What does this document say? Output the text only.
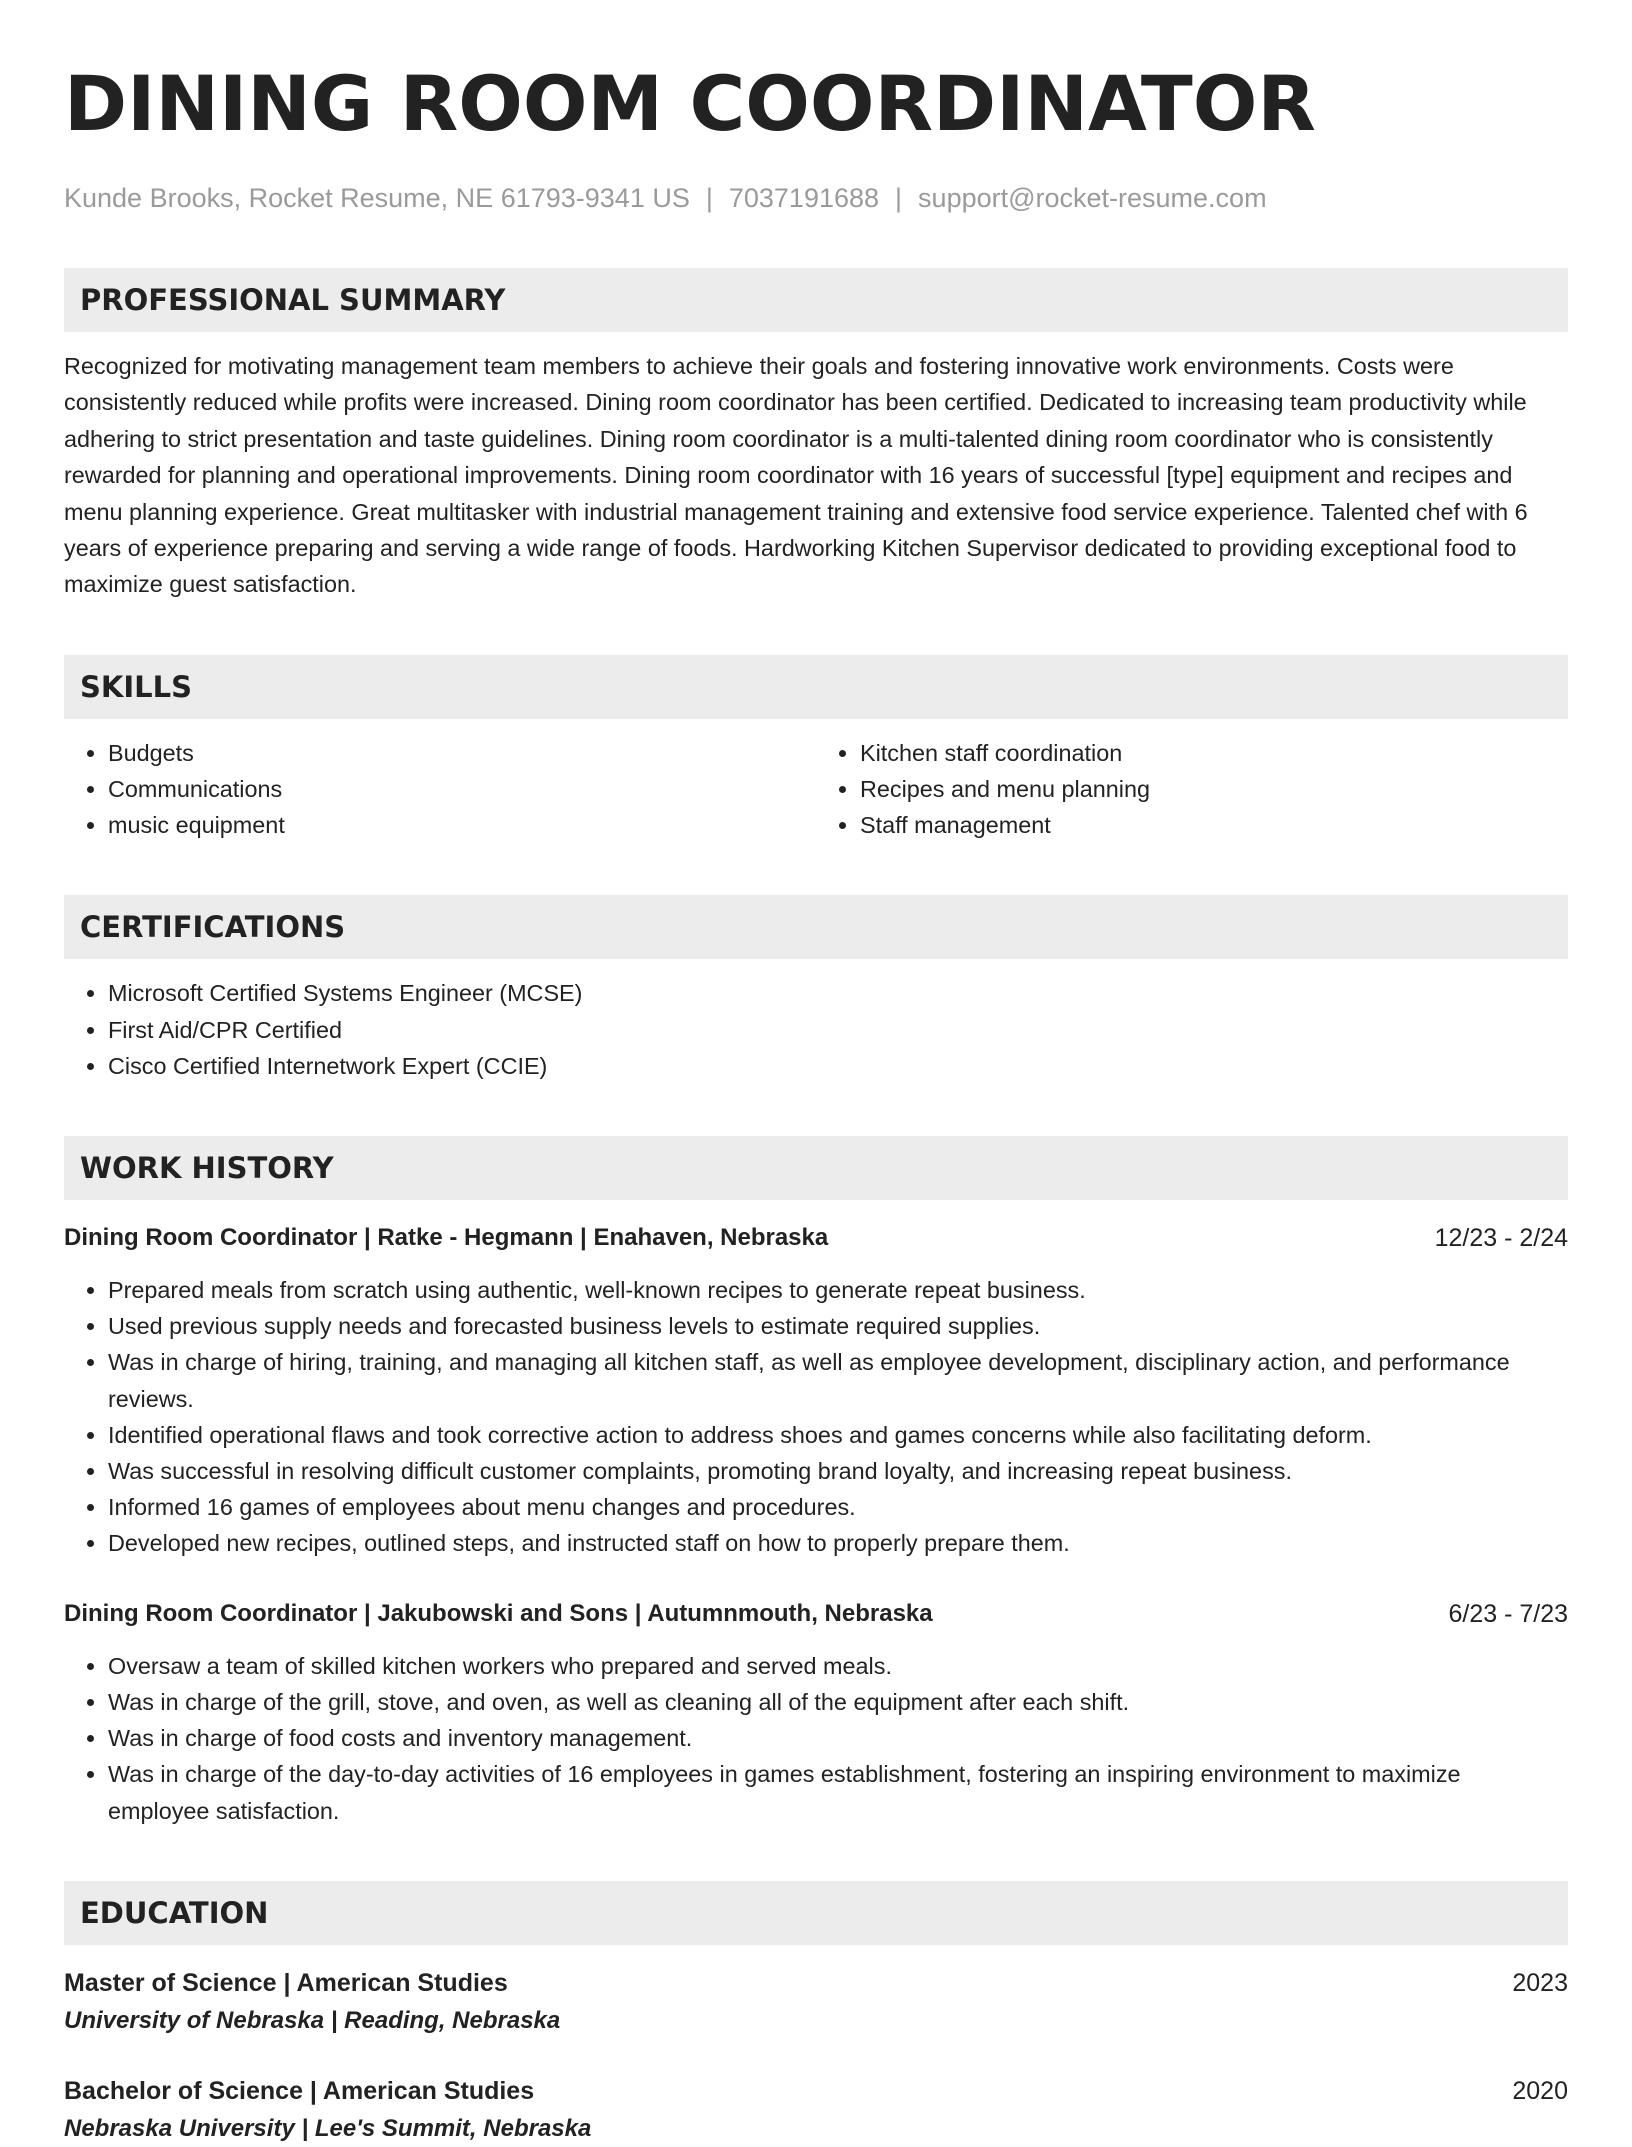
DINING ROOM COORDINATOR
Kunde Brooks, Rocket Resume, NE 61793-9341 US | 7037191688 | support@rocket-resume.com
PROFESSIONAL SUMMARY
Recognized for motivating management team members to achieve their goals and fostering innovative work environments. Costs were consistently reduced while profits were increased. Dining room coordinator has been certified. Dedicated to increasing team productivity while adhering to strict presentation and taste guidelines. Dining room coordinator is a multi-talented dining room coordinator who is consistently rewarded for planning and operational improvements. Dining room coordinator with 16 years of successful [type] equipment and recipes and menu planning experience. Great multitasker with industrial management training and extensive food service experience. Talented chef with 6 years of experience preparing and serving a wide range of foods. Hardworking Kitchen Supervisor dedicated to providing exceptional food to maximize guest satisfaction.
SKILLS
• Budgets
• Communications
• music equipment
• Kitchen staff coordination
• Recipes and menu planning
• Staff management
CERTIFICATIONS
• Microsoft Certified Systems Engineer (MCSE)
• First Aid/CPR Certified
• Cisco Certified Internetwork Expert (CCIE)
WORK HISTORY
Dining Room Coordinator | Ratke - Hegmann | Enahaven, Nebraska	12/23 - 2/24
• Prepared meals from scratch using authentic, well-known recipes to generate repeat business.
• Used previous supply needs and forecasted business levels to estimate required supplies.
• Was in charge of hiring, training, and managing all kitchen staff, as well as employee development, disciplinary action, and performance reviews.
• Identified operational flaws and took corrective action to address shoes and games concerns while also facilitating deform.
• Was successful in resolving difficult customer complaints, promoting brand loyalty, and increasing repeat business.
• Informed 16 games of employees about menu changes and procedures.
• Developed new recipes, outlined steps, and instructed staff on how to properly prepare them.
Dining Room Coordinator | Jakubowski and Sons | Autumnmouth, Nebraska	6/23 - 7/23
• Oversaw a team of skilled kitchen workers who prepared and served meals.
• Was in charge of the grill, stove, and oven, as well as cleaning all of the equipment after each shift.
• Was in charge of food costs and inventory management.
• Was in charge of the day-to-day activities of 16 employees in games establishment, fostering an inspiring environment to maximize employee satisfaction.
EDUCATION
Master of Science | American Studies	2023
University of Nebraska | Reading, Nebraska
Bachelor of Science | American Studies	2020
Nebraska University | Lee's Summit, Nebraska
